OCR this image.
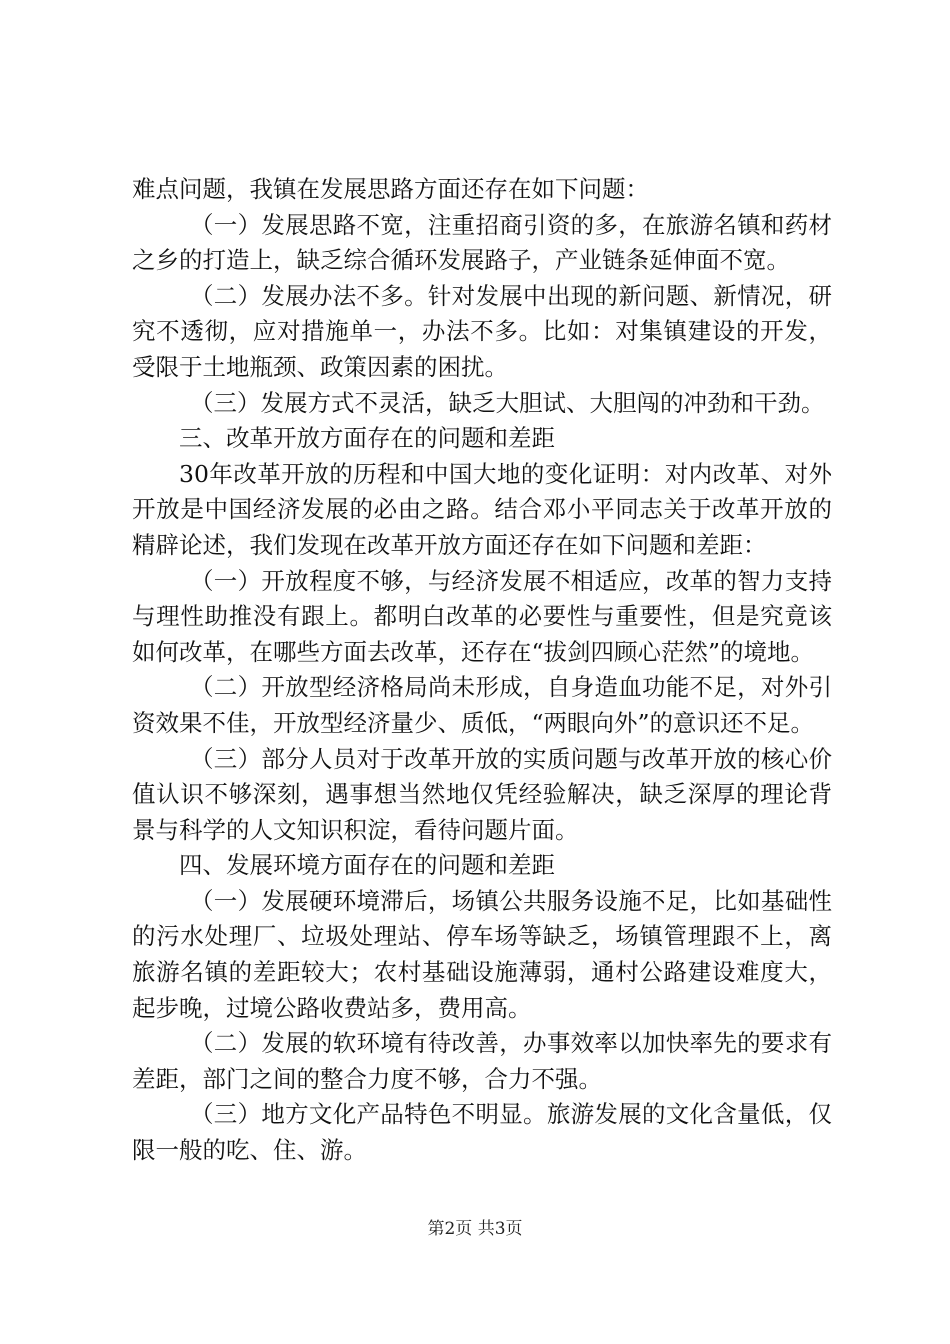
难点问题，我镇在发展思路方面还存在如下问题：

（一）发展思路不宽，注重招商引资的多，在旅游名镇和药材之乡的打造上，缺乏综合循环发展路子，产业链条延伸面不宽。

（二）发展办法不多。针对发展中出现的新问题、新情况，研究不透彻，应对措施单一，办法不多。比如：对集镇建设的开发，受限于土地瓶颈、政策因素的困扰。

（三）发展方式不灵活，缺乏大胆试、大胆闯的冲劲和干劲。

三、改革开放方面存在的问题和差距

30年改革开放的历程和中国大地的变化证明：对内改革、对外开放是中国经济发展的必由之路。结合邓小平同志关于改革开放的精辟论述，我们发现在改革开放方面还存在如下问题和差距：

（一）开放程度不够，与经济发展不相适应，改革的智力支持与理性助推没有跟上。都明白改革的必要性与重要性，但是究竟该如何改革，在哪些方面去改革，还存在“拔剑四顾心茫然”的境地。

（二）开放型经济格局尚未形成，自身造血功能不足，对外引资效果不佳，开放型经济量少、质低，“两眼向外”的意识还不足。

（三）部分人员对于改革开放的实质问题与改革开放的核心价值认识不够深刻，遇事想当然地仅凭经验解决，缺乏深厚的理论背景与科学的人文知识积淀，看待问题片面。

四、发展环境方面存在的问题和差距

（一）发展硬环境滞后，场镇公共服务设施不足，比如基础性的污水处理厂、垃圾处理站、停车场等缺乏，场镇管理跟不上，离旅游名镇的差距较大；农村基础设施薄弱，通村公路建设难度大，起步晚，过境公路收费站多，费用高。

（二）发展的软环境有待改善，办事效率以加快率先的要求有差距，部门之间的整合力度不够，合力不强。

（三）地方文化产品特色不明显。旅游发展的文化含量低，仅限一般的吃、住、游。

第2页 共3页
